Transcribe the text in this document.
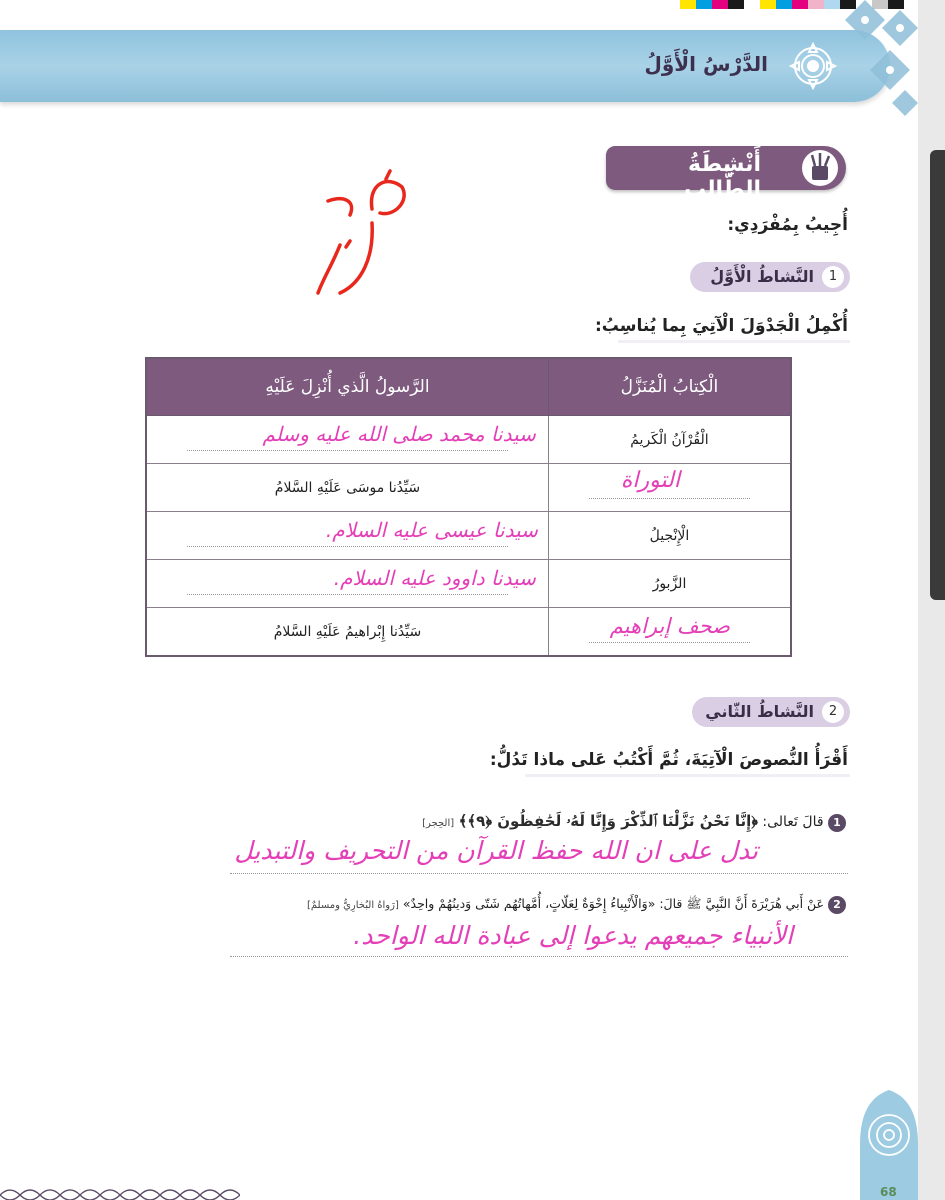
الدَّرْسُ الْأَوَّلُ
أَنْشِطَةُ الطَّالِبِ
أُجِيبُ بِمُفْرَدِي:
1
النَّشاطُ الْأَوَّلُ
أُكْمِلُ الْجَدْوَلَ الْآتِيَ بِما يُناسِبُ:
الرَّسولُ الَّذي أُنْزِلَ عَلَيْهِ	الْكِتابُ الْمُنَزَّلُ

سيدنا محمد صلى الله عليه وسلم	الْقُرْآنُ الْكَريمُ
سَيِّدُنا موسَى عَلَيْهِ السَّلامُ	التوراة

سيدنا عيسى عليه السلام.	الْإِنْجيلُ

سيدنا داوود عليه السلام.	الزَّبورُ
سَيِّدُنا إِبْراهيمُ عَلَيْهِ السَّلامُ	صحف إبراهيم
2
النَّشاطُ الثّاني
أَقْرَأُ النُّصوصَ الْآتِيَةَ، ثُمَّ أَكْتُبُ عَلى ماذا تَدُلُّ:
1 قالَ تَعالى: ﴿إِنَّا نَحْنُ نَزَّلْنَا ٱلذِّكْرَ وَإِنَّا لَهُۥ لَحَٰفِظُونَ ﴿٩﴾﴾ [الحِجر]
تدل على ان الله حفظ القرآن من التحريف والتبديل
2 عَنْ أَبي هُرَيْرَةَ أَنَّ النَّبِيَّ ﷺ قالَ: «وَالْأَنْبِياءُ إِخْوَةٌ لِعَلّاتٍ، أُمَّهاتُهُم شَتّى وَدينُهُمْ واحِدٌ» [رَواهُ البُخارِيُّ ومسلمٌ]
الأنبياء جميعهم يدعوا إلى عبادة الله الواحد.
68
